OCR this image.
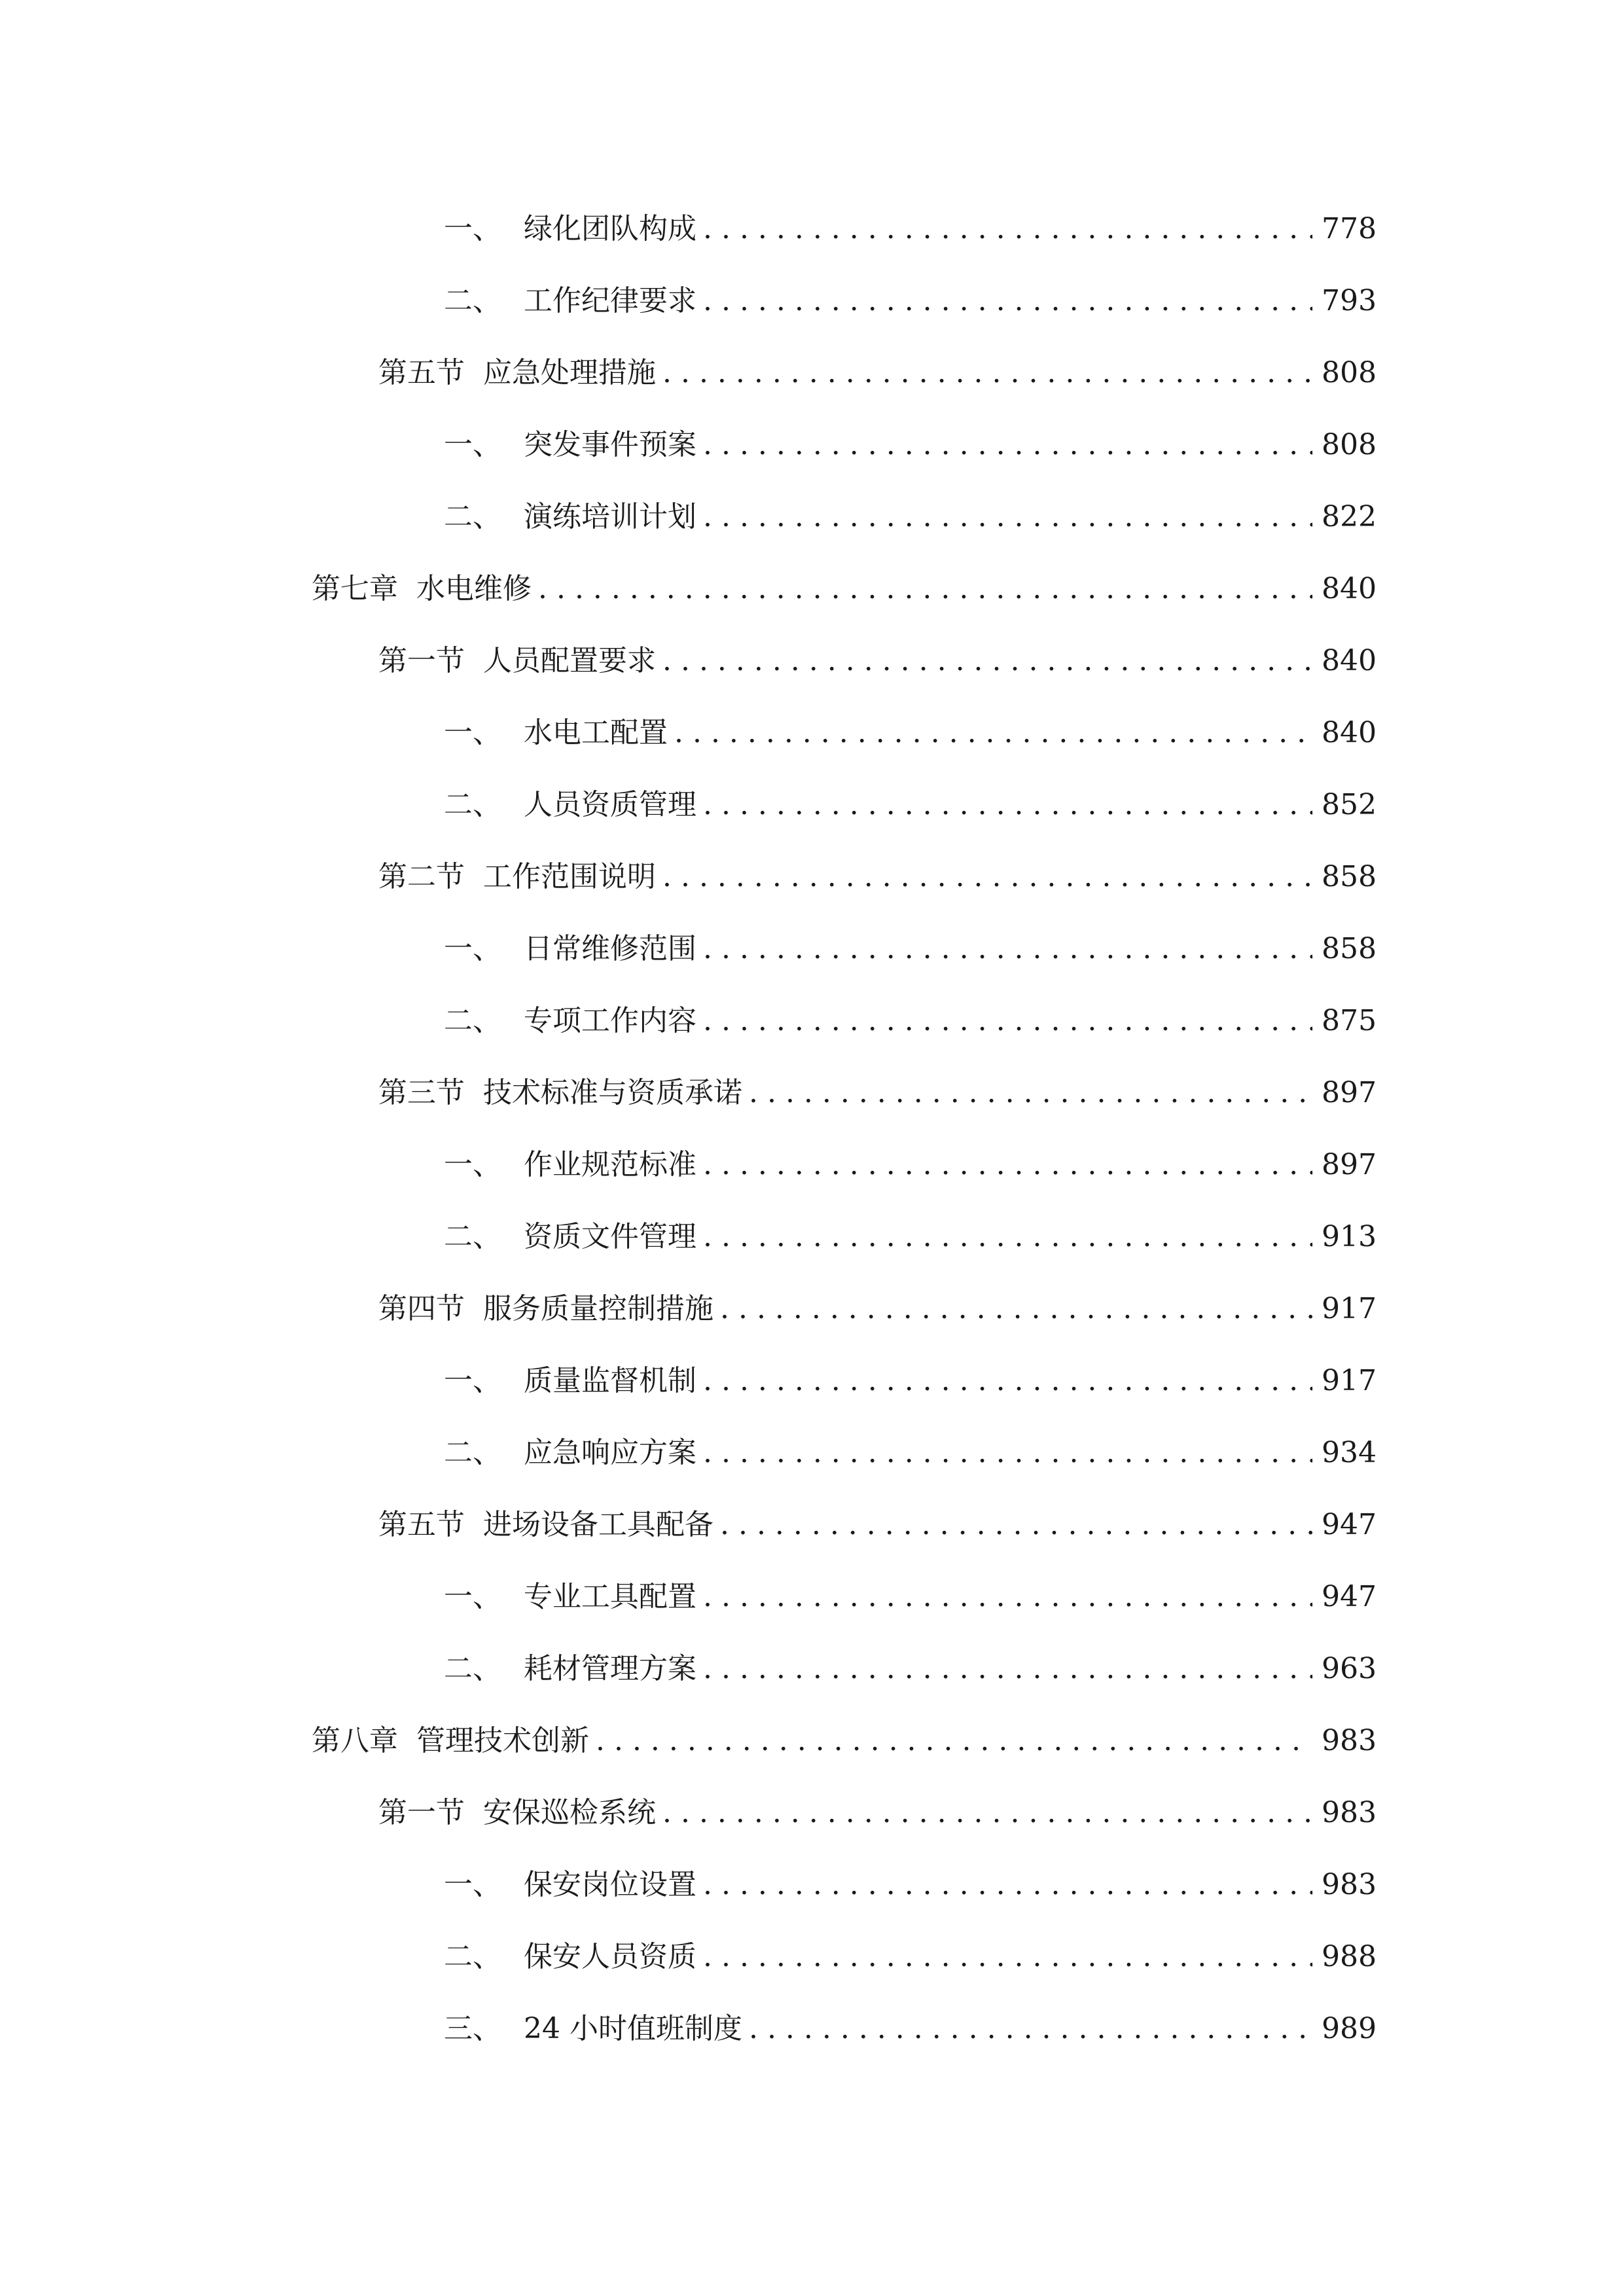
一、 绿化团队构成 . . .	778
二、 工作纪律要求 . . .	793
第五节 应急处理措施 . . .	808
一、 突发事件预案 . . .	808
二、 演练培训计划 . . .	822
第七章 水电维修 . . .	840
第一节 人员配置要求 . . .	840
一、 水电工配置 . . .	840
二、 人员资质管理 . . .	852
第二节 工作范围说明 . . .	858
一、 日常维修范围 . . .	858
二、 专项工作内容 . . .	875
第三节 技术标准与资质承诺 . . .	897
一、 作业规范标准 . . .	897
二、 资质文件管理 . . .	913
第四节 服务质量控制措施 . . .	917
一、 质量监督机制 . . .	917
二、 应急响应方案 . . .	934
第五节 进场设备工具配备 . . .	947
一、 专业工具配置 . . .	947
二、 耗材管理方案 . . .	963
第八章 管理技术创新 . . .	983
第一节 安保巡检系统 . . .	983
一、 保安岗位设置 . . .	983
二、 保安人员资质 . . .	988
三、 24 小时值班制度 . . .	989
